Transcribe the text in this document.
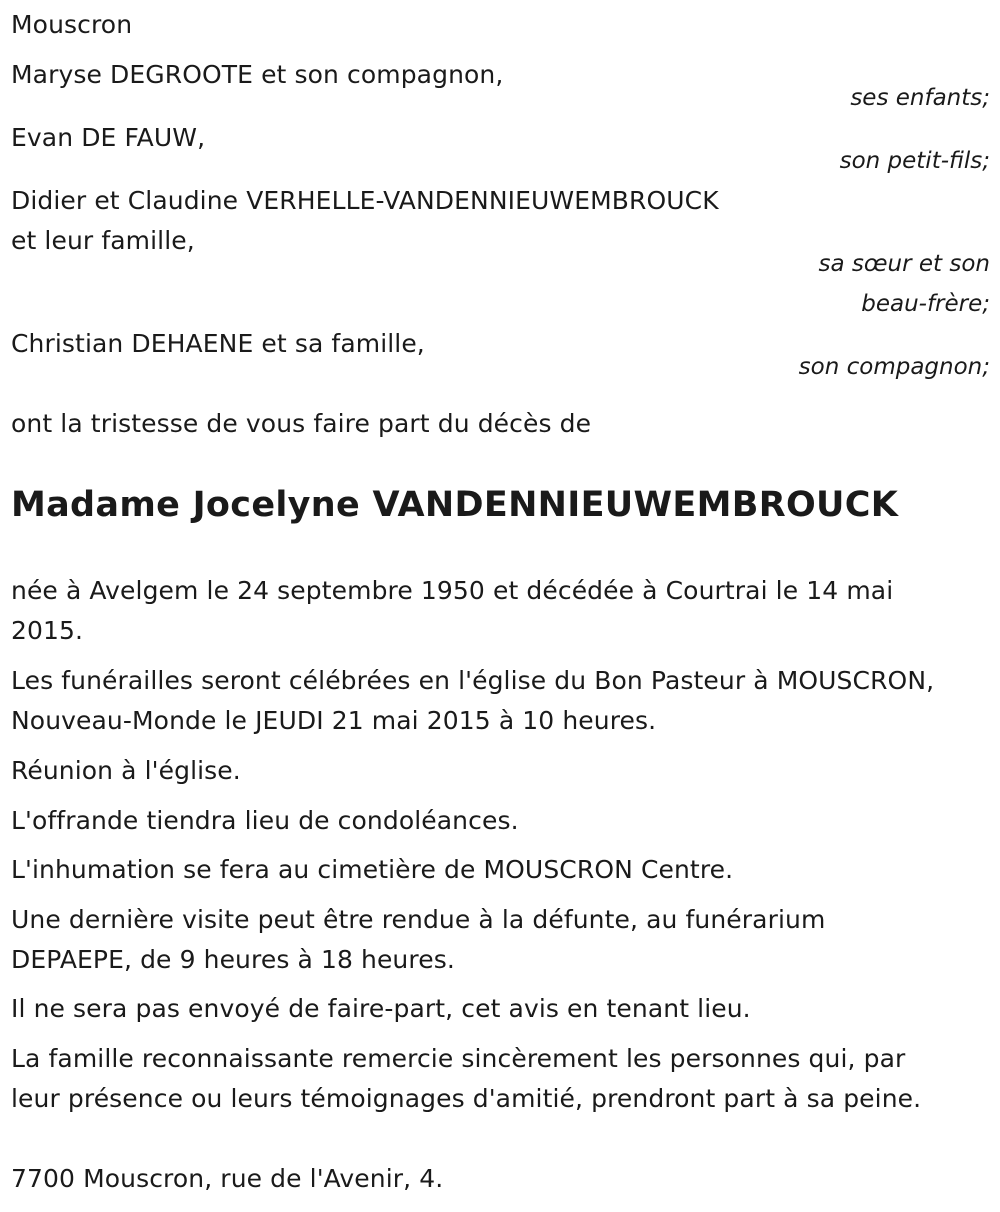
Mouscron
Maryse DEGROOTE et son compagnon,
ses enfants;
Evan DE FAUW,
son petit-fils;
Didier et Claudine VERHELLE-VANDENNIEUWEMBROUCK
et leur famille,
sa sœur et son
beau-frère;
Christian DEHAENE et sa famille,
son compagnon;
ont la tristesse de vous faire part du décès de
Madame Jocelyne VANDENNIEUWEMBROUCK
née à Avelgem le 24 septembre 1950 et décédée à Courtrai le 14 mai
2015.
Les funérailles seront célébrées en l'église du Bon Pasteur à MOUSCRON,
Nouveau-Monde le JEUDI 21 mai 2015 à 10 heures.
Réunion à l'église.
L'offrande tiendra lieu de condoléances.
L'inhumation se fera au cimetière de MOUSCRON Centre.
Une dernière visite peut être rendue à la défunte, au funérarium
DEPAEPE, de 9 heures à 18 heures.
Il ne sera pas envoyé de faire-part, cet avis en tenant lieu.
La famille reconnaissante remercie sincèrement les personnes qui, par
leur présence ou leurs témoignages d'amitié, prendront part à sa peine.
7700 Mouscron, rue de l'Avenir, 4.
